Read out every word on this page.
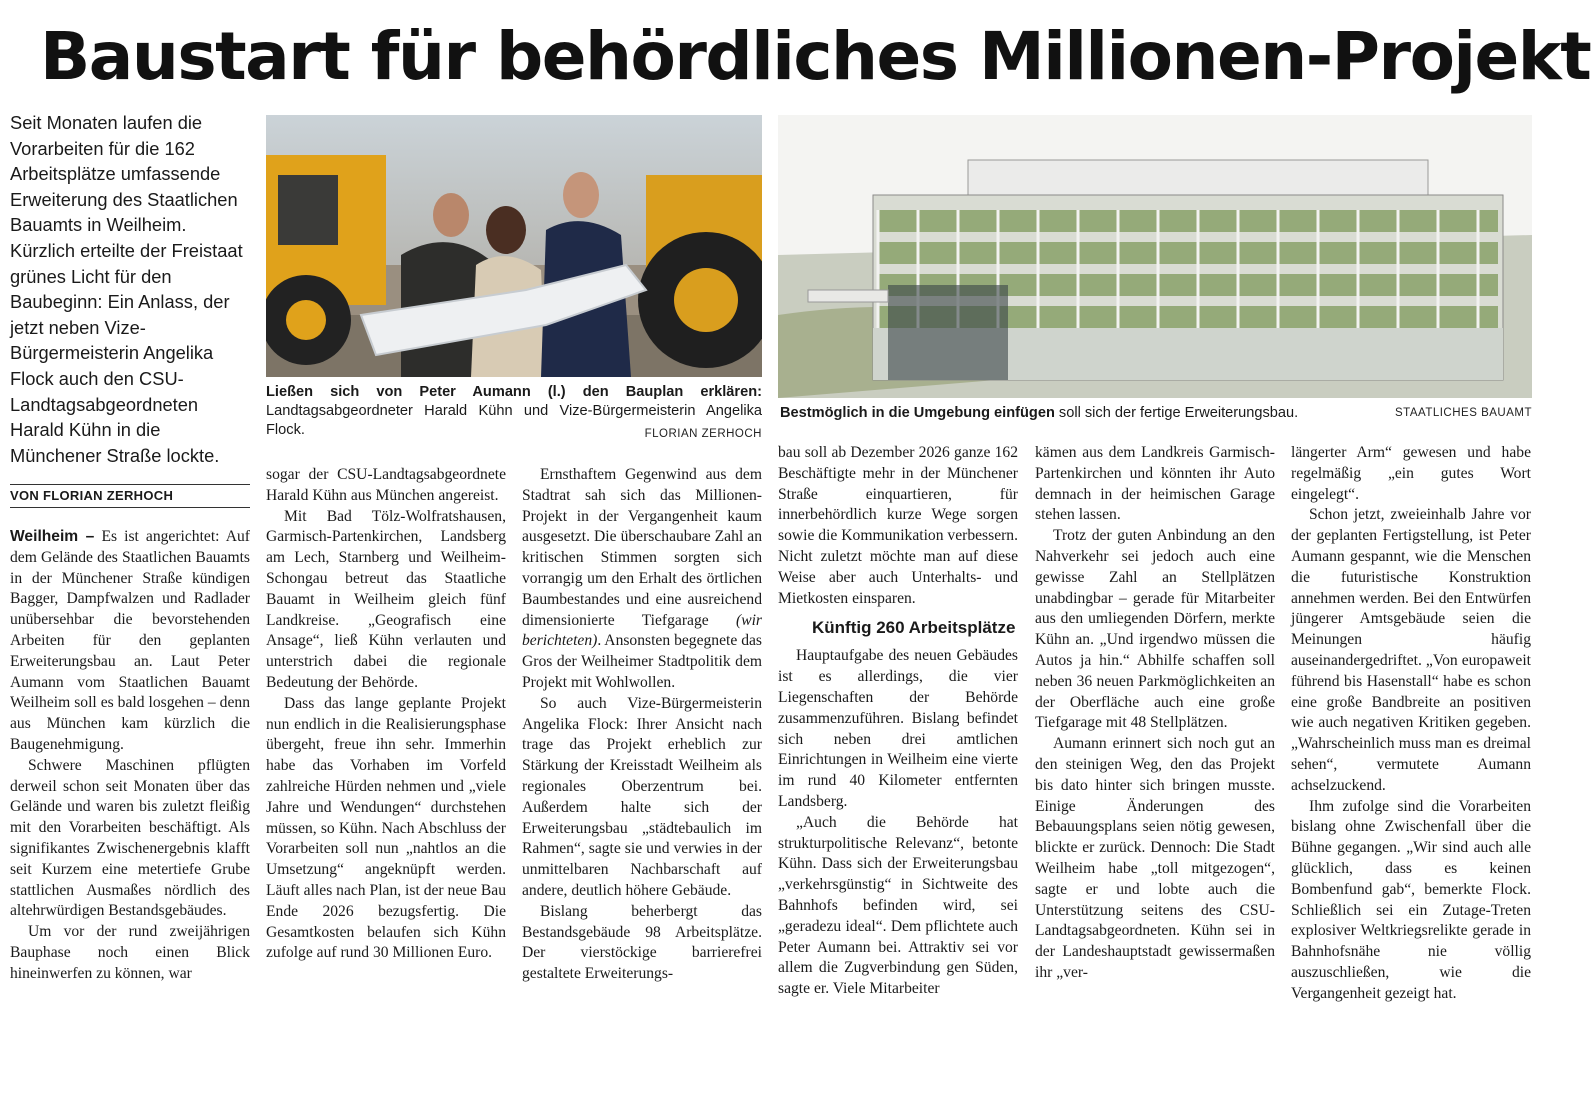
Baustart für behördliches Millionen-Projekt

Seit Monaten laufen die Vorarbeiten für die 162 Arbeitsplätze umfassende Erweiterung des Staatlichen Bauamts in Weilheim. Kürzlich erteilte der Freistaat grünes Licht für den Baubeginn: Ein Anlass, der jetzt neben Vize-Bürgermeisterin Angelika Flock auch den CSU-Landtagsabgeordneten Harald Kühn in die Münchener Straße lockte.

VON FLORIAN ZERHOCH
Ließen sich von Peter Aumann (l.) den Bauplan erklären: Landtagsabgeordneter Harald Kühn und Vize-Bürgermeisterin Angelika Flock.	FLORIAN ZERHOCH
Bestmöglich in die Umgebung einfügen soll sich der fertige Erweiterungsbau.	STAATLICHES BAUAMT

Weilheim – Es ist angerichtet: Auf dem Gelände des Staatlichen Bauamts in der Münchener Straße kündigen Bagger, Dampfwalzen und Radlader unübersehbar die bevorstehenden Arbeiten für den geplanten Erweiterungsbau an. Laut Peter Aumann vom Staatlichen Bauamt Weilheim soll es bald losgehen – denn aus München kam kürzlich die Baugenehmigung.

Schwere Maschinen pflügten derweil schon seit Monaten über das Gelände und waren bis zuletzt fleißig mit den Vorarbeiten beschäftigt. Als signifikantes Zwischenergebnis klafft seit Kurzem eine metertiefe Grube stattlichen Ausmaßes nördlich des altehrwürdigen Bestandsgebäudes.

Um vor der rund zweijährigen Bauphase noch einen Blick hineinwerfen zu können, war

sogar der CSU-Landtagsabgeordnete Harald Kühn aus München angereist.

Mit Bad Tölz-Wolfratshausen, Garmisch-Partenkirchen, Landsberg am Lech, Starnberg und Weilheim-Schongau betreut das Staatliche Bauamt in Weilheim gleich fünf Landkreise. „Geografisch eine Ansage“, ließ Kühn verlauten und unterstrich dabei die regionale Bedeutung der Behörde.

Dass das lange geplante Projekt nun endlich in die Realisierungsphase übergeht, freue ihn sehr. Immerhin habe das Vorhaben im Vorfeld zahlreiche Hürden nehmen und „viele Jahre und Wendungen“ durchstehen müssen, so Kühn. Nach Abschluss der Vorarbeiten soll nun „nahtlos an die Umsetzung“ angeknüpft werden. Läuft alles nach Plan, ist der neue Bau Ende 2026 bezugsfertig. Die Gesamtkosten belaufen sich Kühn zufolge auf rund 30 Millionen Euro.

Ernsthaftem Gegenwind aus dem Stadtrat sah sich das Millionen-Projekt in der Vergangenheit kaum ausgesetzt. Die überschaubare Zahl an kritischen Stimmen sorgten sich vorrangig um den Erhalt des örtlichen Baumbestandes und eine ausreichend dimensionierte Tiefgarage (wir berichteten). Ansonsten begegnete das Gros der Weilheimer Stadtpolitik dem Projekt mit Wohlwollen.

So auch Vize-Bürgermeisterin Angelika Flock: Ihrer Ansicht nach trage das Projekt erheblich zur Stärkung der Kreisstadt Weilheim als regionales Oberzentrum bei. Außerdem halte sich der Erweiterungsbau „städtebaulich im Rahmen“, sagte sie und verwies in der unmittelbaren Nachbarschaft auf andere, deutlich höhere Gebäude.

Bislang beherbergt das Bestandsgebäude 98 Arbeitsplätze. Der vierstöckige barrierefrei gestaltete Erweiterungs-

bau soll ab Dezember 2026 ganze 162 Beschäftigte mehr in der Münchener Straße einquartieren, für innerbehördlich kurze Wege sorgen sowie die Kommunikation verbessern. Nicht zuletzt möchte man auf diese Weise aber auch Unterhalts- und Mietkosten einsparen.

Künftig 260 Arbeitsplätze

Hauptaufgabe des neuen Gebäudes ist es allerdings, die vier Liegenschaften der Behörde zusammenzuführen. Bislang befindet sich neben drei amtlichen Einrichtungen in Weilheim eine vierte im rund 40 Kilometer entfernten Landsberg.

„Auch die Behörde hat strukturpolitische Relevanz“, betonte Kühn. Dass sich der Erweiterungsbau „verkehrsgünstig“ in Sichtweite des Bahnhofs befinden wird, sei „geradezu ideal“. Dem pflichtete auch Peter Aumann bei. Attraktiv sei vor allem die Zugverbindung gen Süden, sagte er. Viele Mitarbeiter

kämen aus dem Landkreis Garmisch-Partenkirchen und könnten ihr Auto demnach in der heimischen Garage stehen lassen.

Trotz der guten Anbindung an den Nahverkehr sei jedoch auch eine gewisse Zahl an Stellplätzen unabdingbar – gerade für Mitarbeiter aus den umliegenden Dörfern, merkte Kühn an. „Und irgendwo müssen die Autos ja hin.“ Abhilfe schaffen soll neben 36 neuen Parkmöglichkeiten an der Oberfläche auch eine große Tiefgarage mit 48 Stellplätzen.

Aumann erinnert sich noch gut an den steinigen Weg, den das Projekt bis dato hinter sich bringen musste. Einige Änderungen des Bebauungsplans seien nötig gewesen, blickte er zurück. Dennoch: Die Stadt Weilheim habe „toll mitgezogen“, sagte er und lobte auch die Unterstützung seitens des CSU-Landtagsabgeordneten. Kühn sei in der Landeshauptstadt gewissermaßen ihr „ver-

längerter Arm“ gewesen und habe regelmäßig „ein gutes Wort eingelegt“.

Schon jetzt, zweieinhalb Jahre vor der geplanten Fertigstellung, ist Peter Aumann gespannt, wie die Menschen die futuristische Konstruktion annehmen werden. Bei den Entwürfen jüngerer Amtsgebäude seien die Meinungen häufig auseinandergedriftet. „Von europaweit führend bis Hasenstall“ habe es schon eine große Bandbreite an positiven wie auch negativen Kritiken gegeben. „Wahrscheinlich muss man es dreimal sehen“, vermutete Aumann achselzuckend.

Ihm zufolge sind die Vorarbeiten bislang ohne Zwischenfall über die Bühne gegangen. „Wir sind auch alle glücklich, dass es keinen Bombenfund gab“, bemerkte Flock. Schließlich sei ein Zutage-Treten explosiver Weltkriegsrelikte gerade in Bahnhofsnähe nie völlig auszuschließen, wie die Vergangenheit gezeigt hat.
